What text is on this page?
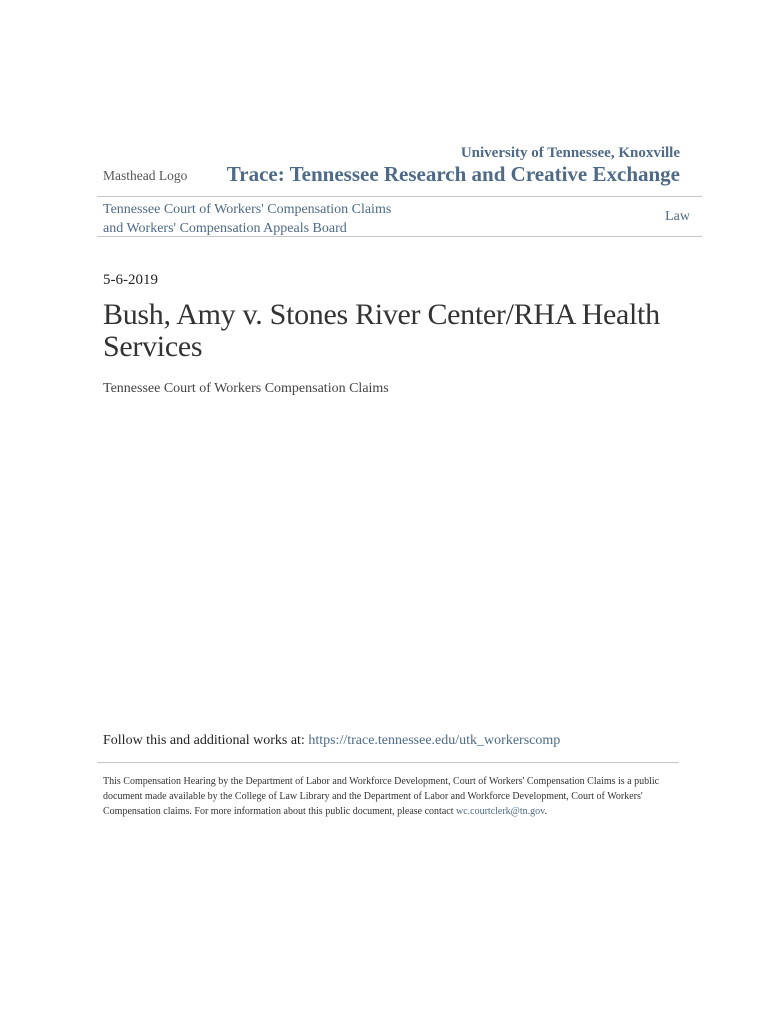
Masthead Logo
University of Tennessee, Knoxville
Trace: Tennessee Research and Creative Exchange
Tennessee Court of Workers' Compensation Claims
and Workers' Compensation Appeals Board
Law
5-6-2019
Bush, Amy v. Stones River Center/RHA Health Services
Tennessee Court of Workers Compensation Claims
Follow this and additional works at: https://trace.tennessee.edu/utk_workerscomp
This Compensation Hearing by the Department of Labor and Workforce Development, Court of Workers' Compensation Claims is a public document made available by the College of Law Library and the Department of Labor and Workforce Development, Court of Workers' Compensation claims. For more information about this public document, please contact wc.courtclerk@tn.gov.
